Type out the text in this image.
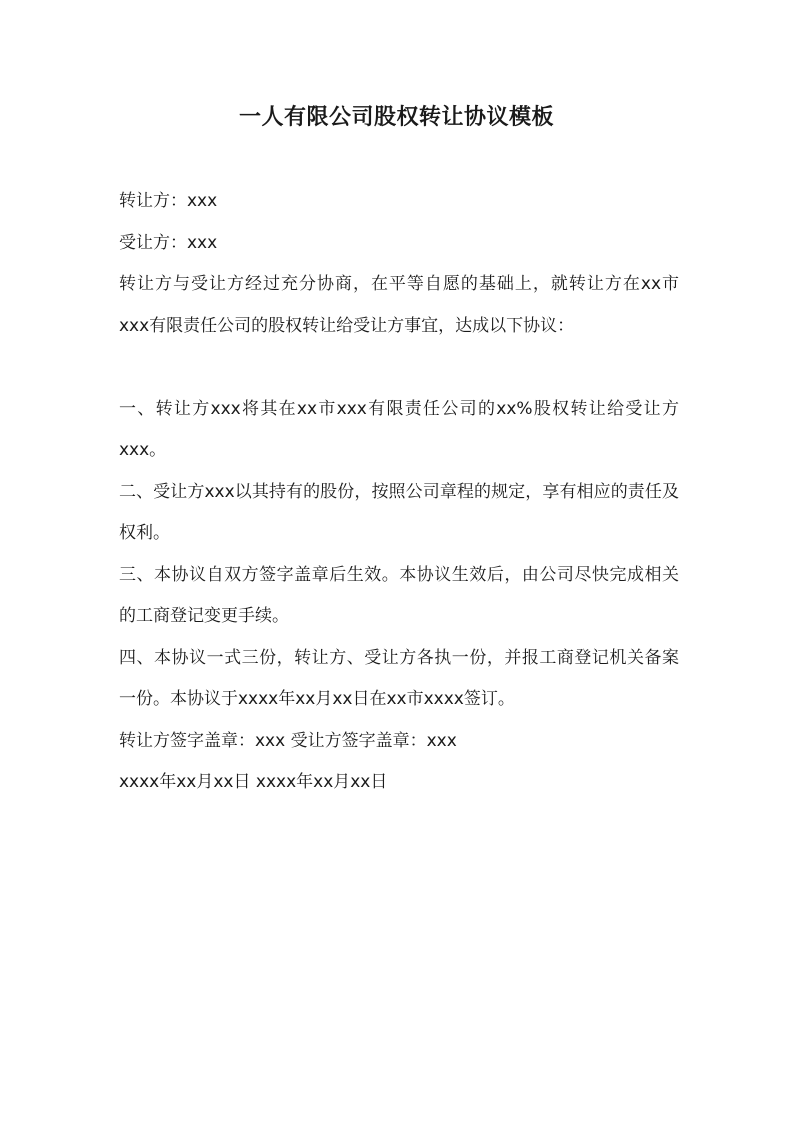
一人有限公司股权转让协议模板

转让方：xxx

受让方：xxx

转让方与受让方经过充分协商，在平等自愿的基础上，就转让方在xx市xxx有限责任公司的股权转让给受让方事宜，达成以下协议：

一、转让方xxx将其在xx市xxx有限责任公司的xx%股权转让给受让方xxx。

二、受让方xxx以其持有的股份，按照公司章程的规定，享有相应的责任及权利。

三、本协议自双方签字盖章后生效。本协议生效后，由公司尽快完成相关的工商登记变更手续。

四、本协议一式三份，转让方、受让方各执一份，并报工商登记机关备案一份。本协议于xxxx年xx月xx日在xx市xxxx签订。

转让方签字盖章：xxx 受让方签字盖章：xxx

xxxx年xx月xx日 xxxx年xx月xx日
